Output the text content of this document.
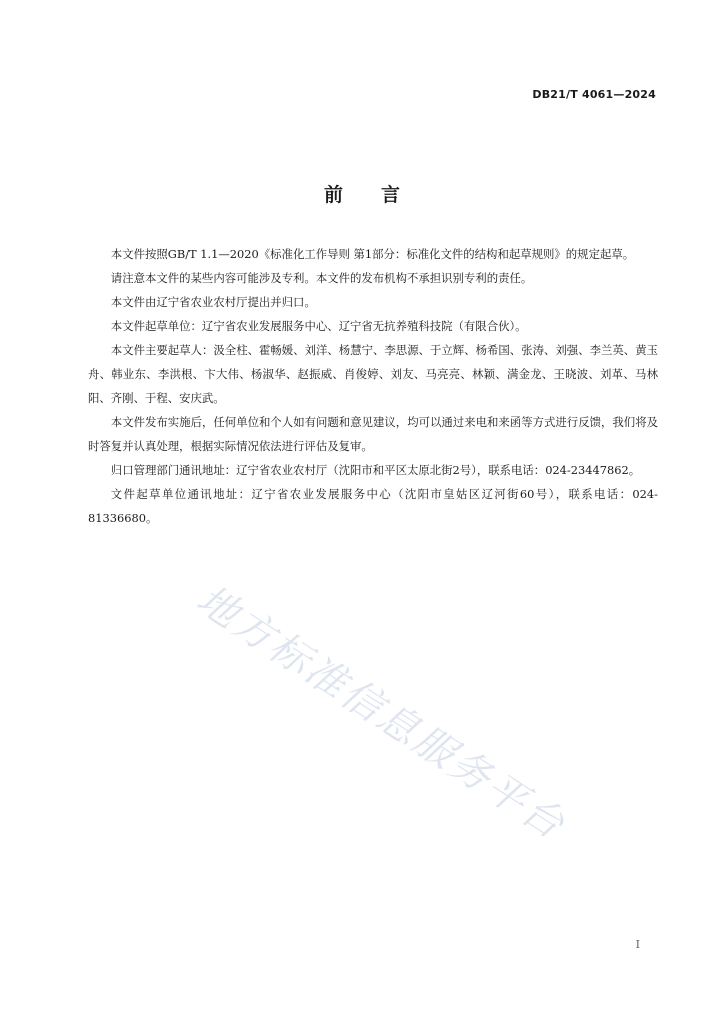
DB21/T 4061—2024
前　　言

本文件按照GB/T 1.1—2020《标准化工作导则 第1部分：标准化文件的结构和起草规则》的规定起草。

请注意本文件的某些内容可能涉及专利。本文件的发布机构不承担识别专利的责任。

本文件由辽宁省农业农村厅提出并归口。

本文件起草单位：辽宁省农业发展服务中心、辽宁省无抗养殖科技院（有限合伙）。

本文件主要起草人：汲全柱、霍畅媛、刘洋、杨慧宁、李思源、于立辉、杨希国、张涛、刘强、李兰英、黄玉舟、韩业东、李洪根、卞大伟、杨淑华、赵振威、肖俊婷、刘友、马亮亮、林颖、满金龙、王晓波、刘革、马林阳、齐刚、于程、安庆武。

本文件发布实施后，任何单位和个人如有问题和意见建议，均可以通过来电和来函等方式进行反馈，我们将及时答复并认真处理，根据实际情况依法进行评估及复审。

归口管理部门通讯地址：辽宁省农业农村厅（沈阳市和平区太原北街2号），联系电话：024-23447862。

文件起草单位通讯地址：辽宁省农业发展服务中心（沈阳市皇姑区辽河街60号），联系电话：024-81336680。

地方标准信息服务平台
I
